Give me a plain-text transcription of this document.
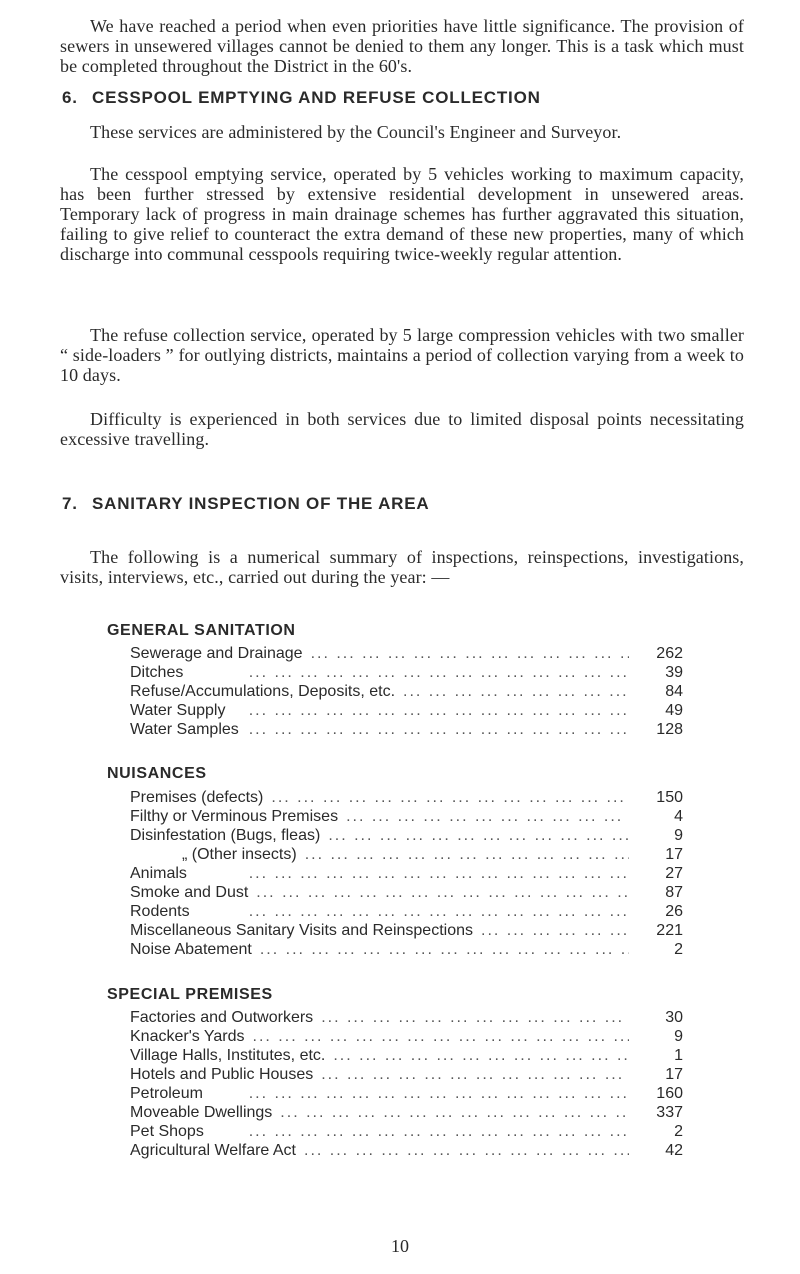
We have reached a period when even priorities have little significance. The provision of sewers in unsewered villages cannot be denied to them any longer. This is a task which must be completed throughout the District in the 60's.

6. CESSPOOL EMPTYING AND REFUSE COLLECTION

These services are administered by the Council's Engineer and Surveyor.

The cesspool emptying service, operated by 5 vehicles working to maximum capacity, has been further stressed by extensive residential development in unsewered areas. Temporary lack of progress in main drainage schemes has further aggravated this situation, failing to give relief to counteract the extra demand of these new properties, many of which discharge into communal cesspools requiring twice-weekly regular attention.

The refuse collection service, operated by 5 large compression vehicles with two smaller “ side-loaders ” for outlying districts, maintains a period of collection varying from a week to 10 days.

Difficulty is experienced in both services due to limited disposal points necessitating excessive travelling.

7. SANITARY INSPECTION OF THE AREA

The following is a numerical summary of inspections, reinspections, investigations, visits, interviews, etc., carried out during the year: —

GENERAL SANITATION
Sewerage and Drainage ... .	262
Ditches ... .	39
Refuse/Accumulations, Deposits, etc. ... .	84
Water Supply ... .	49
Water Samples ... .	128
NUISANCES
Premises (defects) ... .	150
Filthy or Verminous Premises ... .	4
Disinfestation (Bugs, fleas) ... .	9
„ (Other insects) ... .	17
Animals ... .	27
Smoke and Dust ... .	87
Rodents ... .	26
Miscellaneous Sanitary Visits and Reinspections ... .	221
Noise Abatement ... .	2
SPECIAL PREMISES
Factories and Outworkers ... .	30
Knacker's Yards ... .	9
Village Halls, Institutes, etc. ... .	1
Hotels and Public Houses ... .	17
Petroleum ... .	160
Moveable Dwellings ... .	337
Pet Shops ... .	2
Agricultural Welfare Act ... .	42
10
